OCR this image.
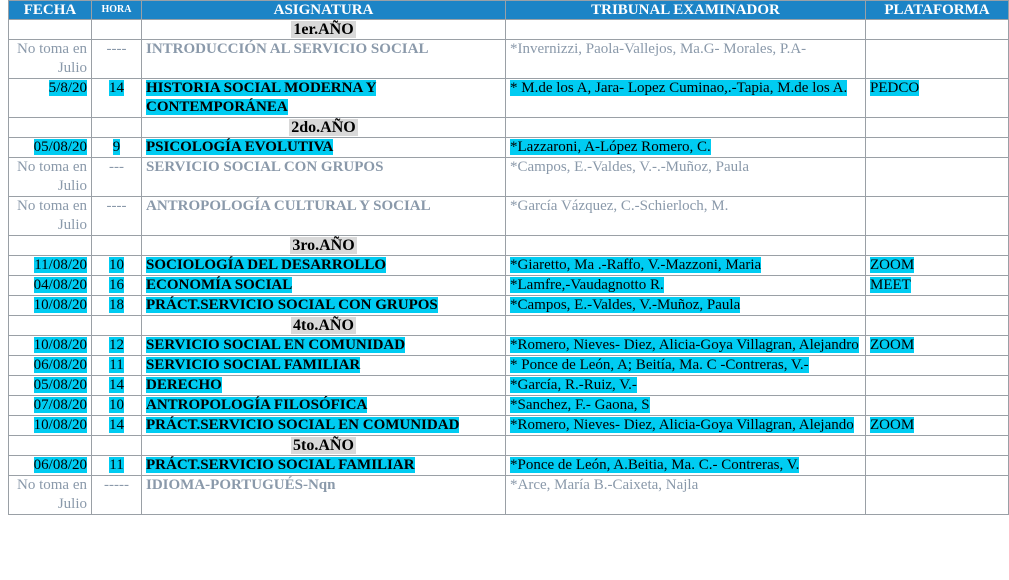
FECHA	HORA	ASIGNATURA	TRIBUNAL EXAMINADOR	PLATAFORMA
		1er.AÑO		

No toma en Julio	----	INTRODUCCIÓN AL SERVICIO SOCIAL	*Invernizzi, Paola-Vallejos, Ma.G- Morales, P.A-	
5/8/20	14	HISTORIA SOCIAL MODERNA Y CONTEMPORÁNEA	* M.de los A, Jara- Lopez Cuminao,.-Tapia, M.de los A.	PEDCO
		2do.AÑO		
05/08/20	9	PSICOLOGÍA EVOLUTIVA	*Lazzaroni, A-López Romero, C.	

No toma en Julio	---	SERVICIO SOCIAL CON GRUPOS	*Campos, E.-Valdes, V.-.-Muñoz, Paula	

No toma en Julio	----	ANTROPOLOGÍA CULTURAL Y SOCIAL	*García Vázquez, C.-Schierloch, M.	
		3ro.AÑO		
11/08/20	10	SOCIOLOGÍA DEL DESARROLLO	*Giaretto, Ma .-Raffo, V.-Mazzoni, Maria	ZOOM
04/08/20	16	ECONOMÍA SOCIAL	*Lamfre,-Vaudagnotto R.	MEET
10/08/20	18	PRÁCT.SERVICIO SOCIAL CON GRUPOS	*Campos, E.-Valdes, V.-Muñoz, Paula	
		4to.AÑO		
10/08/20	12	SERVICIO SOCIAL EN COMUNIDAD	*Romero, Nieves- Diez, Alicia-Goya Villagran, Alejandro	ZOOM
06/08/20	11	SERVICIO SOCIAL FAMILIAR	* Ponce de León, A; Beitía, Ma. C -Contreras, V.-	
05/08/20	14	DERECHO	*García, R.-Ruiz, V.-	
07/08/20	10	ANTROPOLOGÍA FILOSÓFICA	*Sanchez, F.- Gaona, S	
10/08/20	14	PRÁCT.SERVICIO SOCIAL EN COMUNIDAD	*Romero, Nieves- Diez, Alicia-Goya Villagran, Alejando	ZOOM
		5to.AÑO		
06/08/20	11	PRÁCT.SERVICIO SOCIAL FAMILIAR	*Ponce de León, A.Beitia, Ma. C.- Contreras, V.	

No toma en Julio	-----	IDIOMA-PORTUGUÉS-Nqn	*Arce, María B.-Caixeta, Najla	
